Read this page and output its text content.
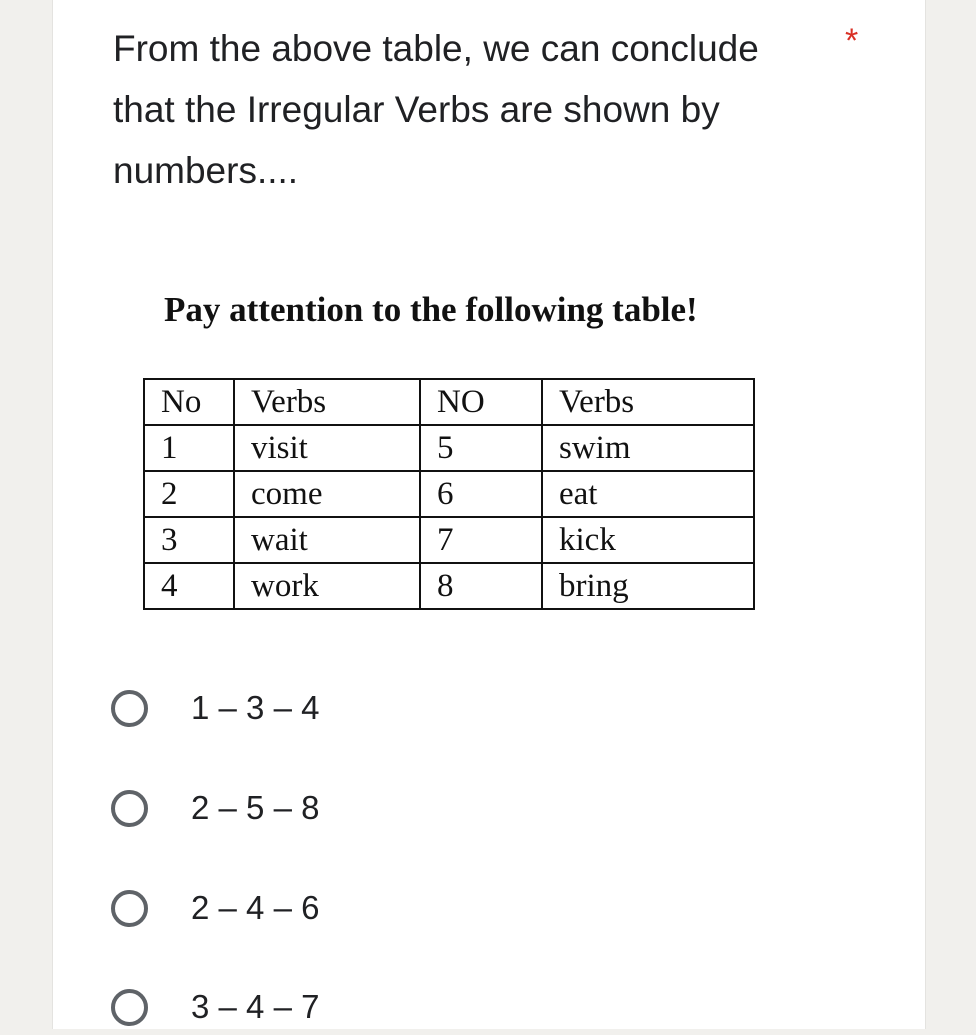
From the above table, we can conclude that the Irregular Verbs are shown by numbers....
*
Pay attention to the following table!
No	Verbs	NO	Verbs
1	visit	5	swim
2	come	6	eat
3	wait	7	kick
4	work	8	bring
1 – 3 – 4
2 – 5 – 8
2 – 4 – 6
3 – 4 – 7
